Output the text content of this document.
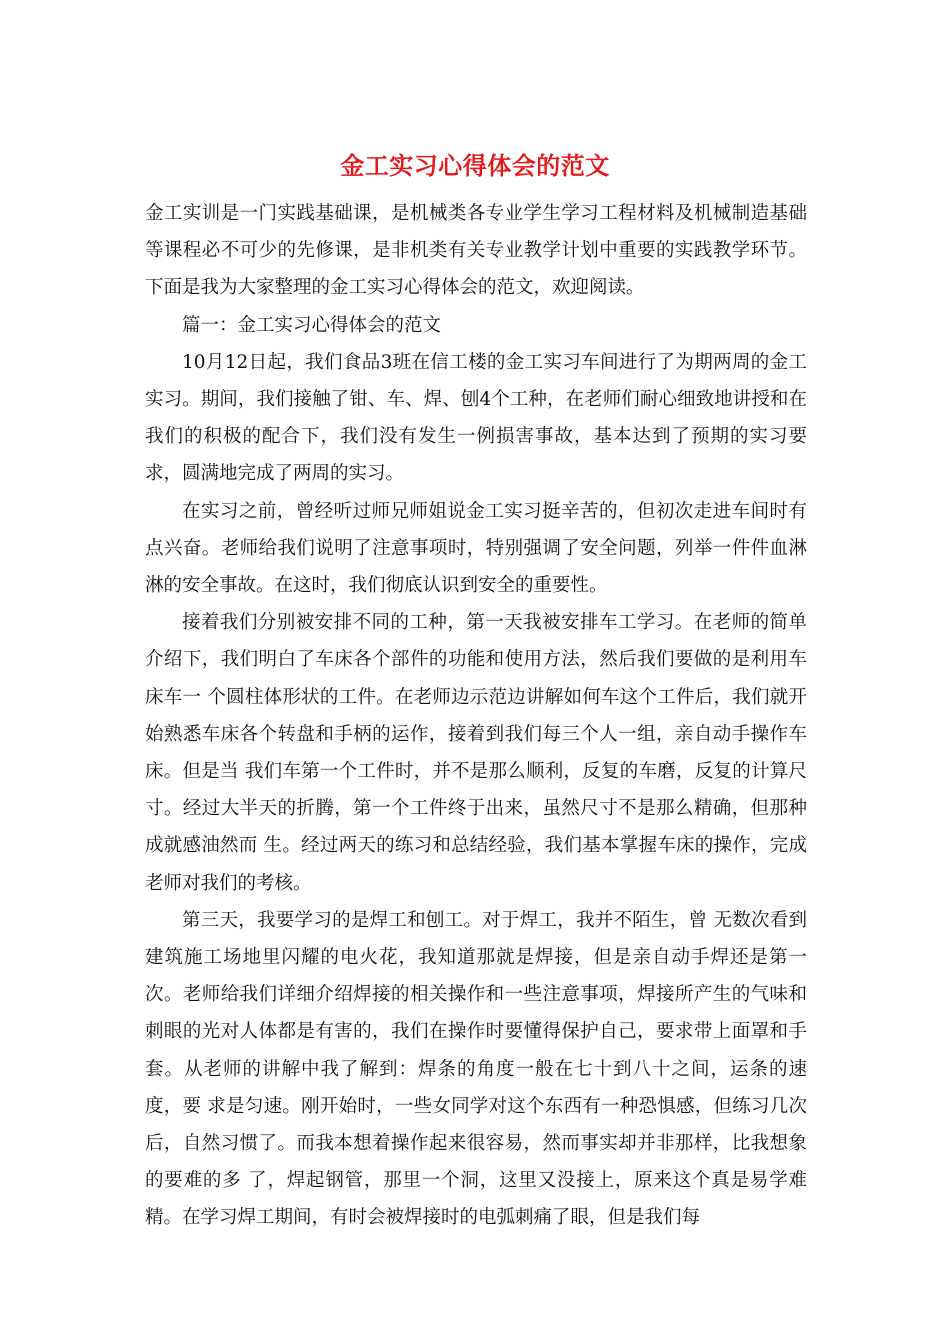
金工实习心得体会的范文

金工实训是一门实践基础课，是机械类各专业学生学习工程材料及机械制造基础等课程必不可少的先修课，是非机类有关专业教学计划中重要的实践教学环节。下面是我为大家整理的金工实习心得体会的范文，欢迎阅读。

篇一：金工实习心得体会的范文

10月12日起，我们食品3班在信工楼的金工实习车间进行了为期两周的金工实习。期间，我们接触了钳、车、焊、刨4个工种，在老师们耐心细致地讲授和在我们的积极的配合下，我们没有发生一例损害事故，基本达到了预期的实习要求，圆满地完成了两周的实习。

在实习之前，曾经听过师兄师姐说金工实习挺辛苦的，但初次走进车间时有点兴奋。老师给我们说明了注意事项时，特别强调了安全问题，列举一件件血淋淋的安全事故。在这时，我们彻底认识到安全的重要性。

接着我们分别被安排不同的工种，第一天我被安排车工学习。在老师的简单介绍下，我们明白了车床各个部件的功能和使用方法，然后我们要做的是利用车床车一 个圆柱体形状的工件。在老师边示范边讲解如何车这个工件后，我们就开始熟悉车床各个转盘和手柄的运作，接着到我们每三个人一组，亲自动手操作车床。但是当 我们车第一个工件时，并不是那么顺利，反复的车磨，反复的计算尺寸。经过大半天的折腾，第一个工件终于出来，虽然尺寸不是那么精确，但那种成就感油然而 生。经过两天的练习和总结经验，我们基本掌握车床的操作，完成老师对我们的考核。

第三天，我要学习的是焊工和刨工。对于焊工，我并不陌生，曾 无数次看到建筑施工场地里闪耀的电火花，我知道那就是焊接，但是亲自动手焊还是第一次。老师给我们详细介绍焊接的相关操作和一些注意事项，焊接所产生的气味和 刺眼的光对人体都是有害的，我们在操作时要懂得保护自己，要求带上面罩和手套。从老师的讲解中我了解到：焊条的角度一般在七十到八十之间，运条的速度，要 求是匀速。刚开始时，一些女同学对这个东西有一种恐惧感，但练习几次后，自然习惯了。而我本想着操作起来很容易，然而事实却并非那样，比我想象的要难的多 了，焊起钢管，那里一个洞，这里又没接上，原来这个真是易学难精。在学习焊工期间，有时会被焊接时的电弧刺痛了眼，但是我们每
